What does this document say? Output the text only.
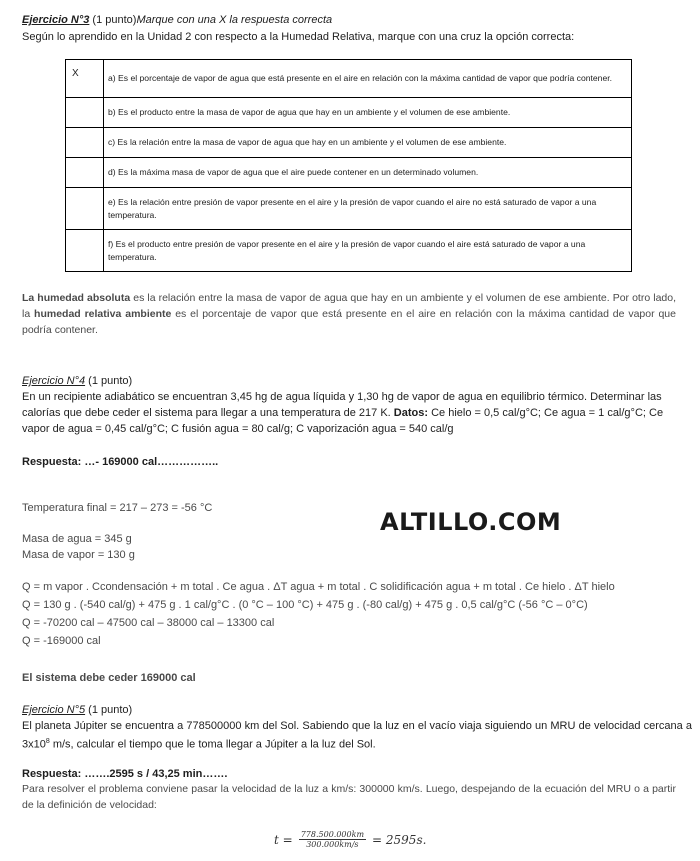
Ejercicio N°3 (1 punto)Marque con una X la respuesta correcta
Según lo aprendido en la Unidad 2 con respecto a la Humedad Relativa, marque con una cruz la opción correcta:
X	a) Es el porcentaje de vapor de agua que está presente en el aire en relación con la máxima cantidad de vapor que podría contener.
	b) Es el producto entre la masa de vapor de agua que hay en un ambiente y el volumen de ese ambiente.
	c) Es la relación entre la masa de vapor de agua que hay en un ambiente y el volumen de ese ambiente.
	d) Es la máxima masa de vapor de agua que el aire puede contener en un determinado volumen.
	e) Es la relación entre presión de vapor presente en el aire y la presión de vapor cuando el aire no está saturado de vapor a una temperatura.
	f) Es el producto entre presión de vapor presente en el aire y la presión de vapor cuando el aire está saturado de vapor a una temperatura.
La humedad absoluta es la relación entre la masa de vapor de agua que hay en un ambiente y el volumen de ese ambiente. Por otro lado, la humedad relativa ambiente es el porcentaje de vapor que está presente en el aire en relación con la máxima cantidad de vapor que podría contener.
Ejercicio N°4 (1 punto)
En un recipiente adiabático se encuentran 3,45 hg de agua líquida y 1,30 hg de vapor de agua en equilibrio térmico. Determinar las calorías que debe ceder el sistema para llegar a una temperatura de 217 K. Datos: Ce hielo = 0,5 cal/g°C; Ce agua = 1 cal/g°C; Ce vapor de agua = 0,45 cal/g°C; C fusión agua = 80 cal/g; C vaporización agua = 540 cal/g
Respuesta: …- 169000 cal……………..
Temperatura final = 217 – 273 = -56 °C
Masa de agua = 345 g
Masa de vapor = 130 g
ALTILLO.COM
Q = m vapor . Ccondensación + m total . Ce agua . ΔT agua + m total . C solidificación agua + m total . Ce hielo . ΔT hielo
Q = 130 g . (-540 cal/g) + 475 g . 1 cal/g°C . (0 °C – 100 °C) + 475 g . (-80 cal/g) + 475 g . 0,5 cal/g°C (-56 °C – 0°C)
Q = -70200 cal – 47500 cal – 38000 cal – 13300 cal
Q = -169000 cal
El sistema debe ceder 169000 cal
Ejercicio N°5 (1 punto)
El planeta Júpiter se encuentra a 778500000 km del Sol. Sabiendo que la luz en el vacío viaja siguiendo un MRU de velocidad cercana a $3x10^8$ m/s, calcular el tiempo que le toma llegar a Júpiter a la luz del Sol.
Respuesta: …….2595 s / 43,25 min…….
Para resolver el problema conviene pasar la velocidad de la luz a km/s: 300000 km/s. Luego, despejando de la ecuación del MRU o a partir de la definición de velocidad:
$t = \frac{778.500.000km}{300.000km/s} = 2595s$.
